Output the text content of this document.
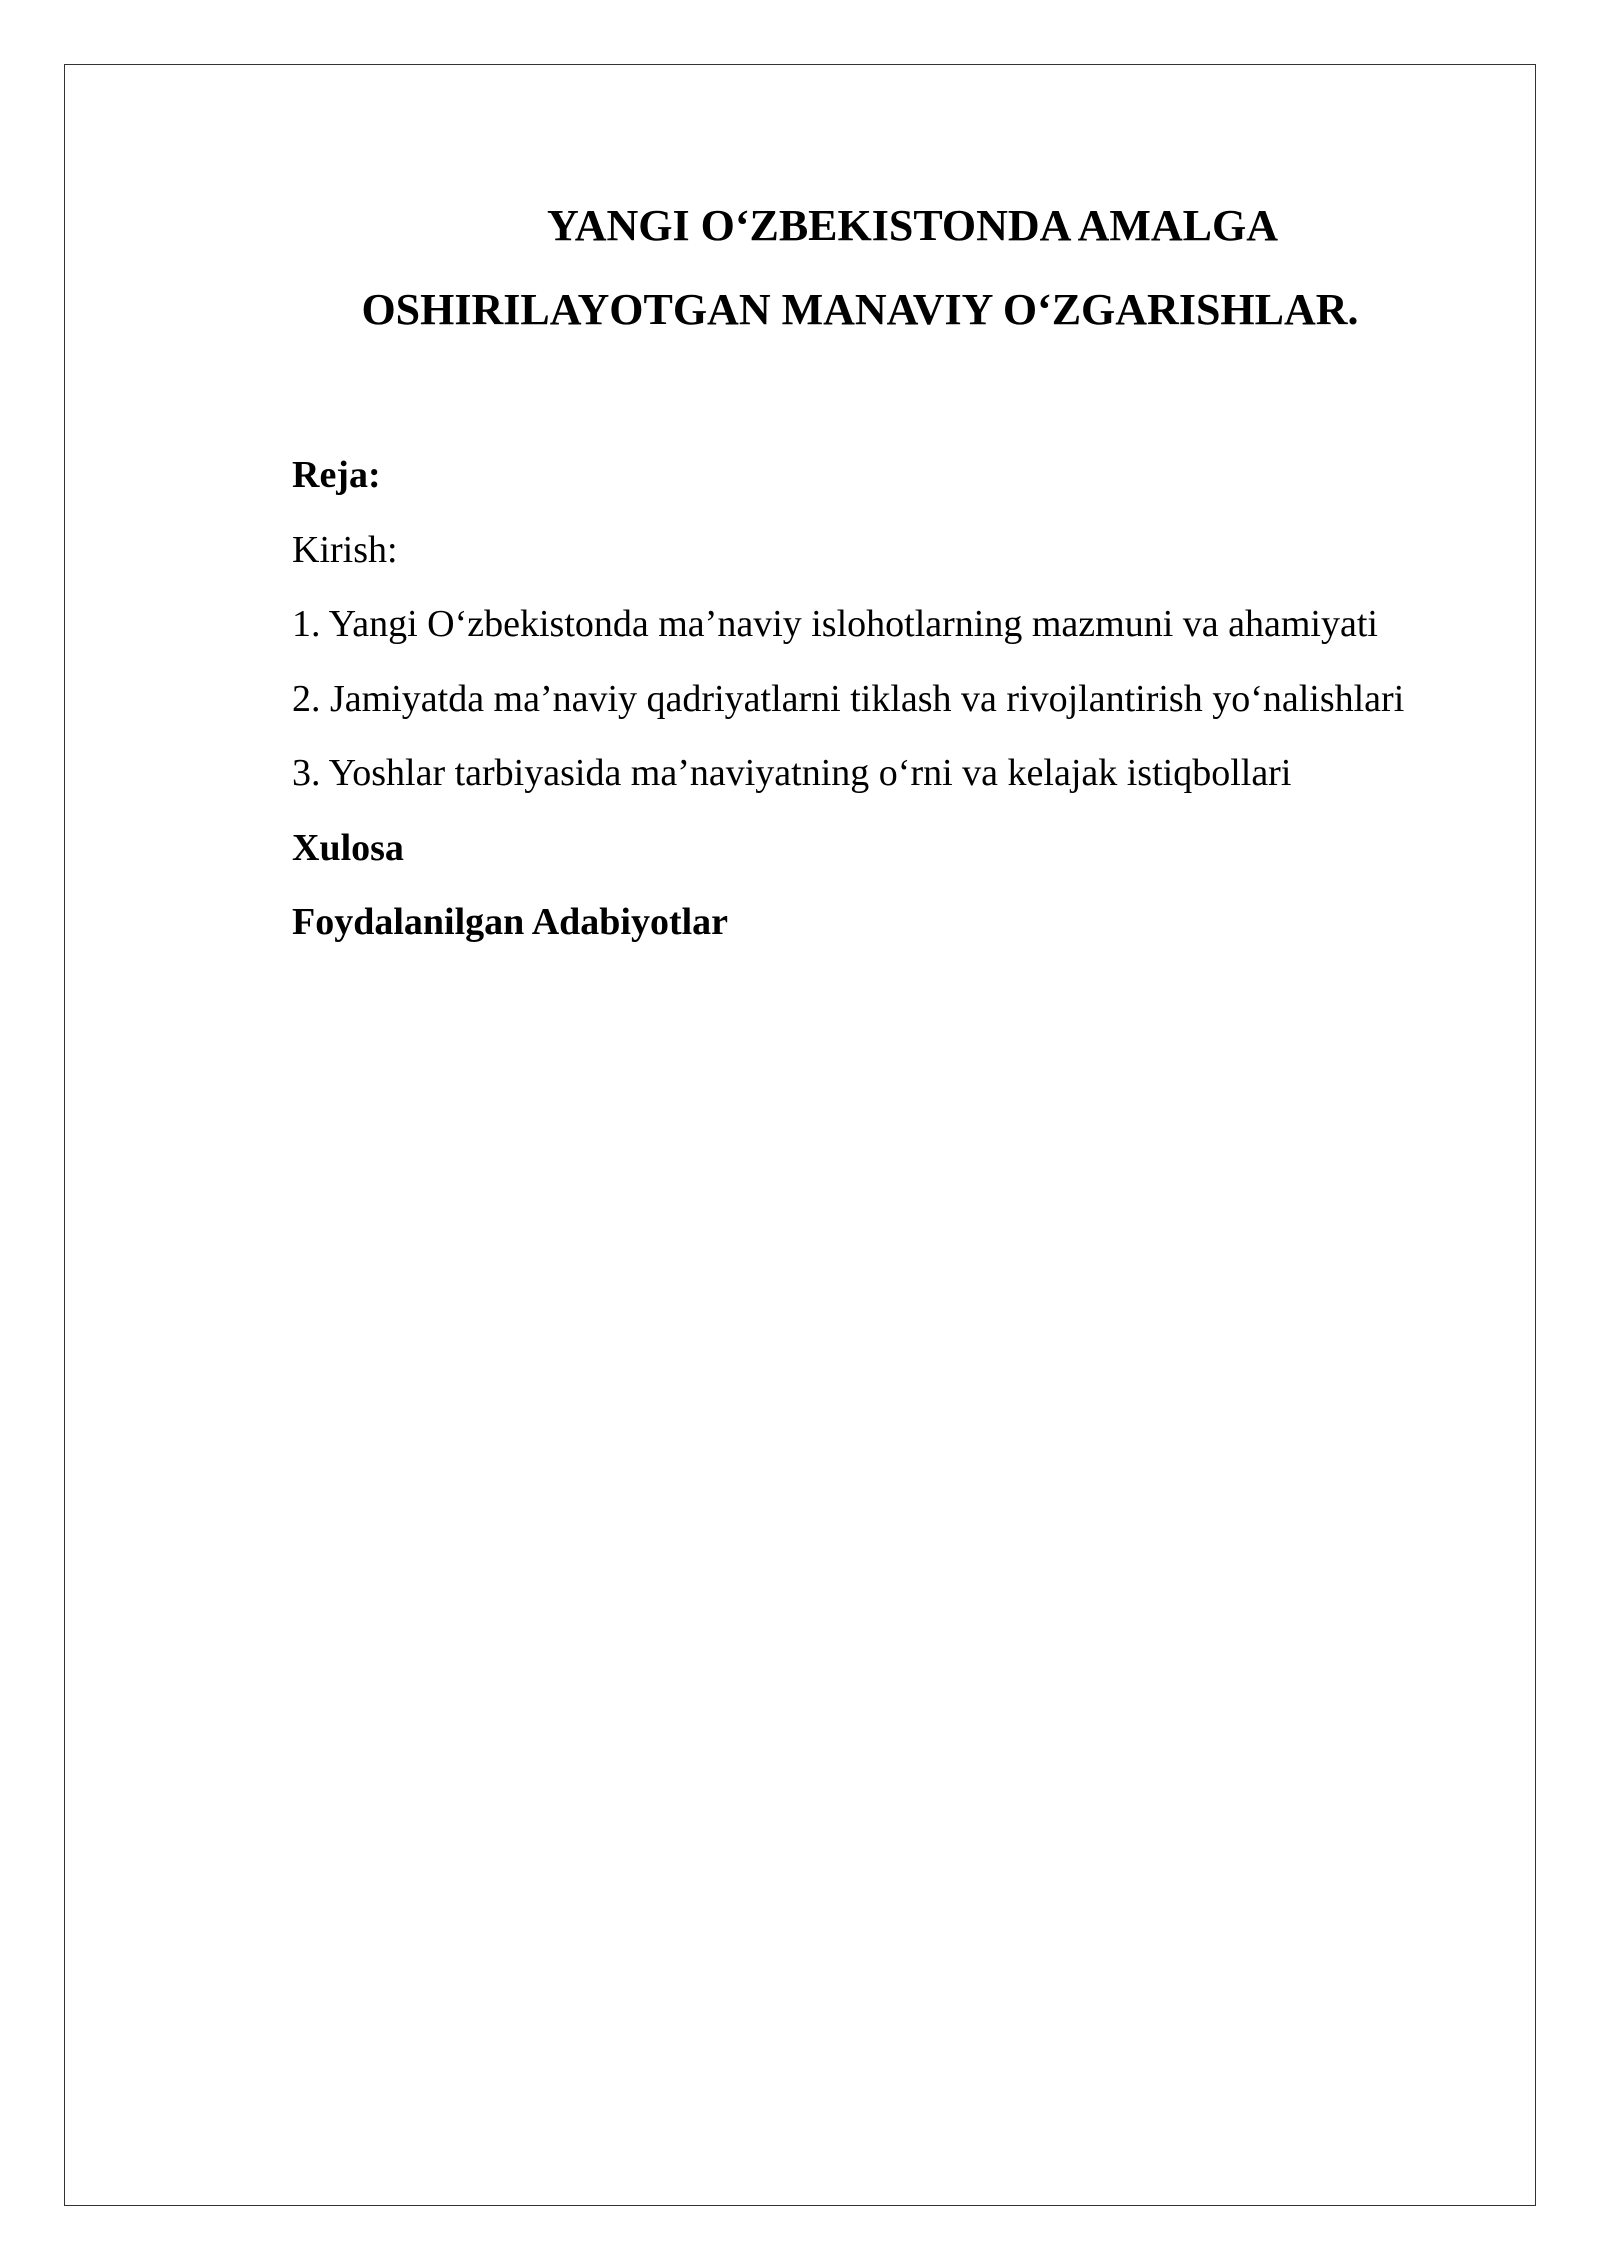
YANGI O‘ZBEKISTONDA AMALGA
OSHIRILAYOTGAN MANAVIY O‘ZGARISHLAR.

Reja:

Kirish:

1. Yangi O‘zbekistonda ma’naviy islohotlarning mazmuni va ahamiyati

2. Jamiyatda ma’naviy qadriyatlarni tiklash va rivojlantirish yo‘nalishlari

3. Yoshlar tarbiyasida ma’naviyatning o‘rni va kelajak istiqbollari

Xulosa

Foydalanilgan Adabiyotlar
